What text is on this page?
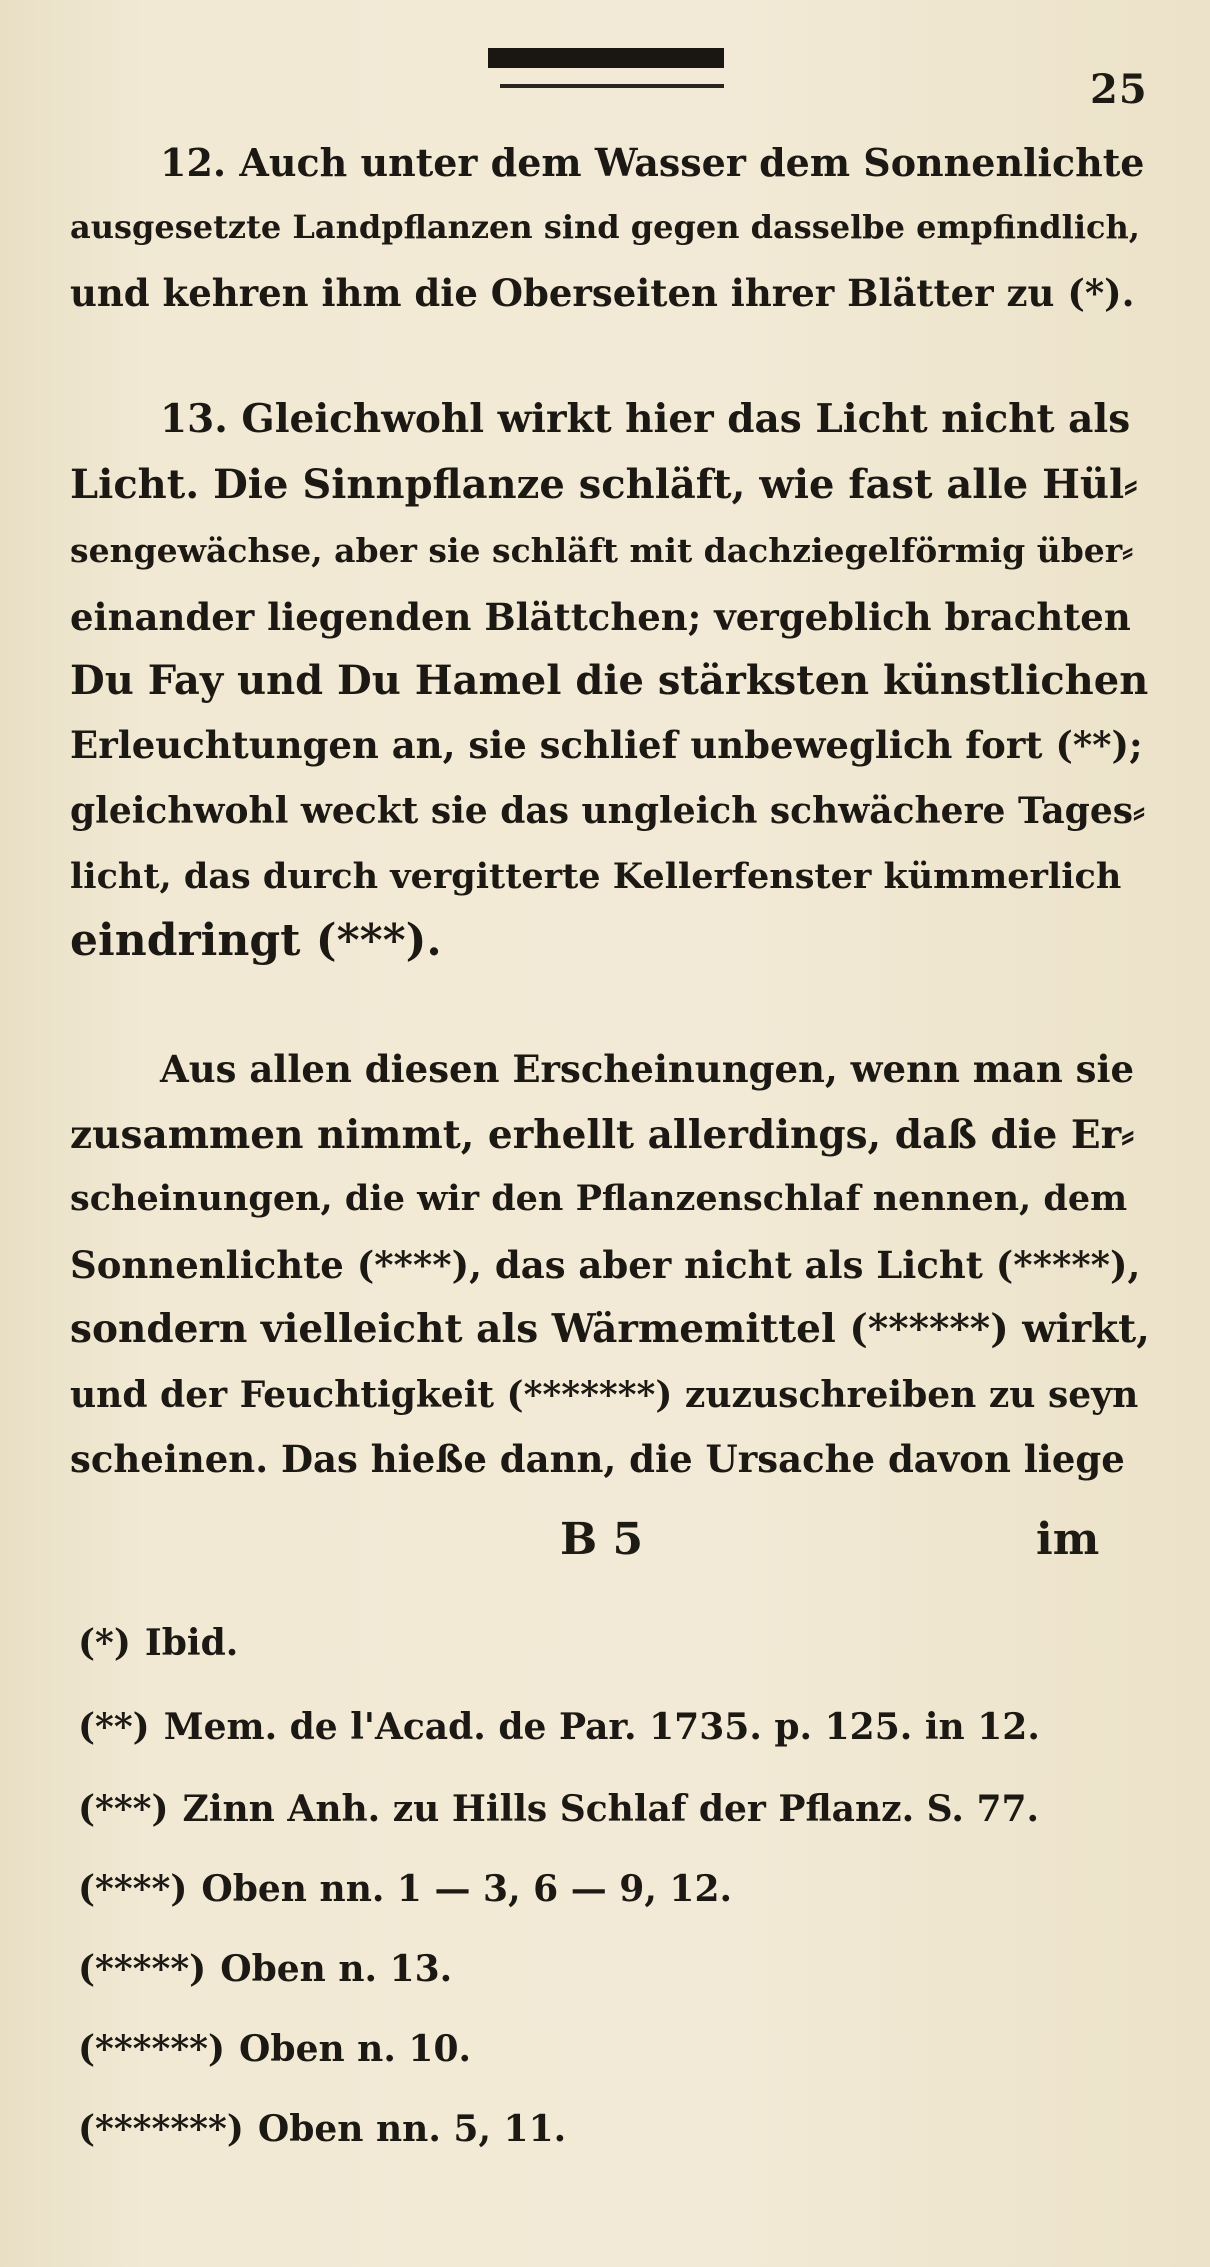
25
12. Auch unter dem Wasser dem Sonnenlichte
ausgesetzte Landpflanzen sind gegen dasselbe empfindlich,
und kehren ihm die Oberseiten ihrer Blätter zu (*).
13. Gleichwohl wirkt hier das Licht nicht als
Licht. Die Sinnpflanze schläft, wie fast alle Hül⸗
sengewächse, aber sie schläft mit dachziegelförmig über⸗
einander liegenden Blättchen; vergeblich brachten
Du Fay und Du Hamel die stärksten künstlichen
Erleuchtungen an, sie schlief unbeweglich fort (**);
gleichwohl weckt sie das ungleich schwächere Tages⸗
licht, das durch vergitterte Kellerfenster kümmerlich
eindringt (***).
Aus allen diesen Erscheinungen, wenn man sie
zusammen nimmt, erhellt allerdings, daß die Er⸗
scheinungen, die wir den Pflanzenschlaf nennen, dem
Sonnenlichte (****), das aber nicht als Licht (*****),
sondern vielleicht als Wärmemittel (******) wirkt,
und der Feuchtigkeit (*******) zuzuschreiben zu seyn
scheinen. Das hieße dann, die Ursache davon liege
B 5	im
(*) Ibid.
(**) Mem. de l'Acad. de Par. 1735. p. 125. in 12.
(***) Zinn Anh. zu Hills Schlaf der Pflanz. S. 77.
(****) Oben nn. 1 — 3, 6 — 9, 12.
(*****) Oben n. 13.
(******) Oben n. 10.
(*******) Oben nn. 5, 11.
